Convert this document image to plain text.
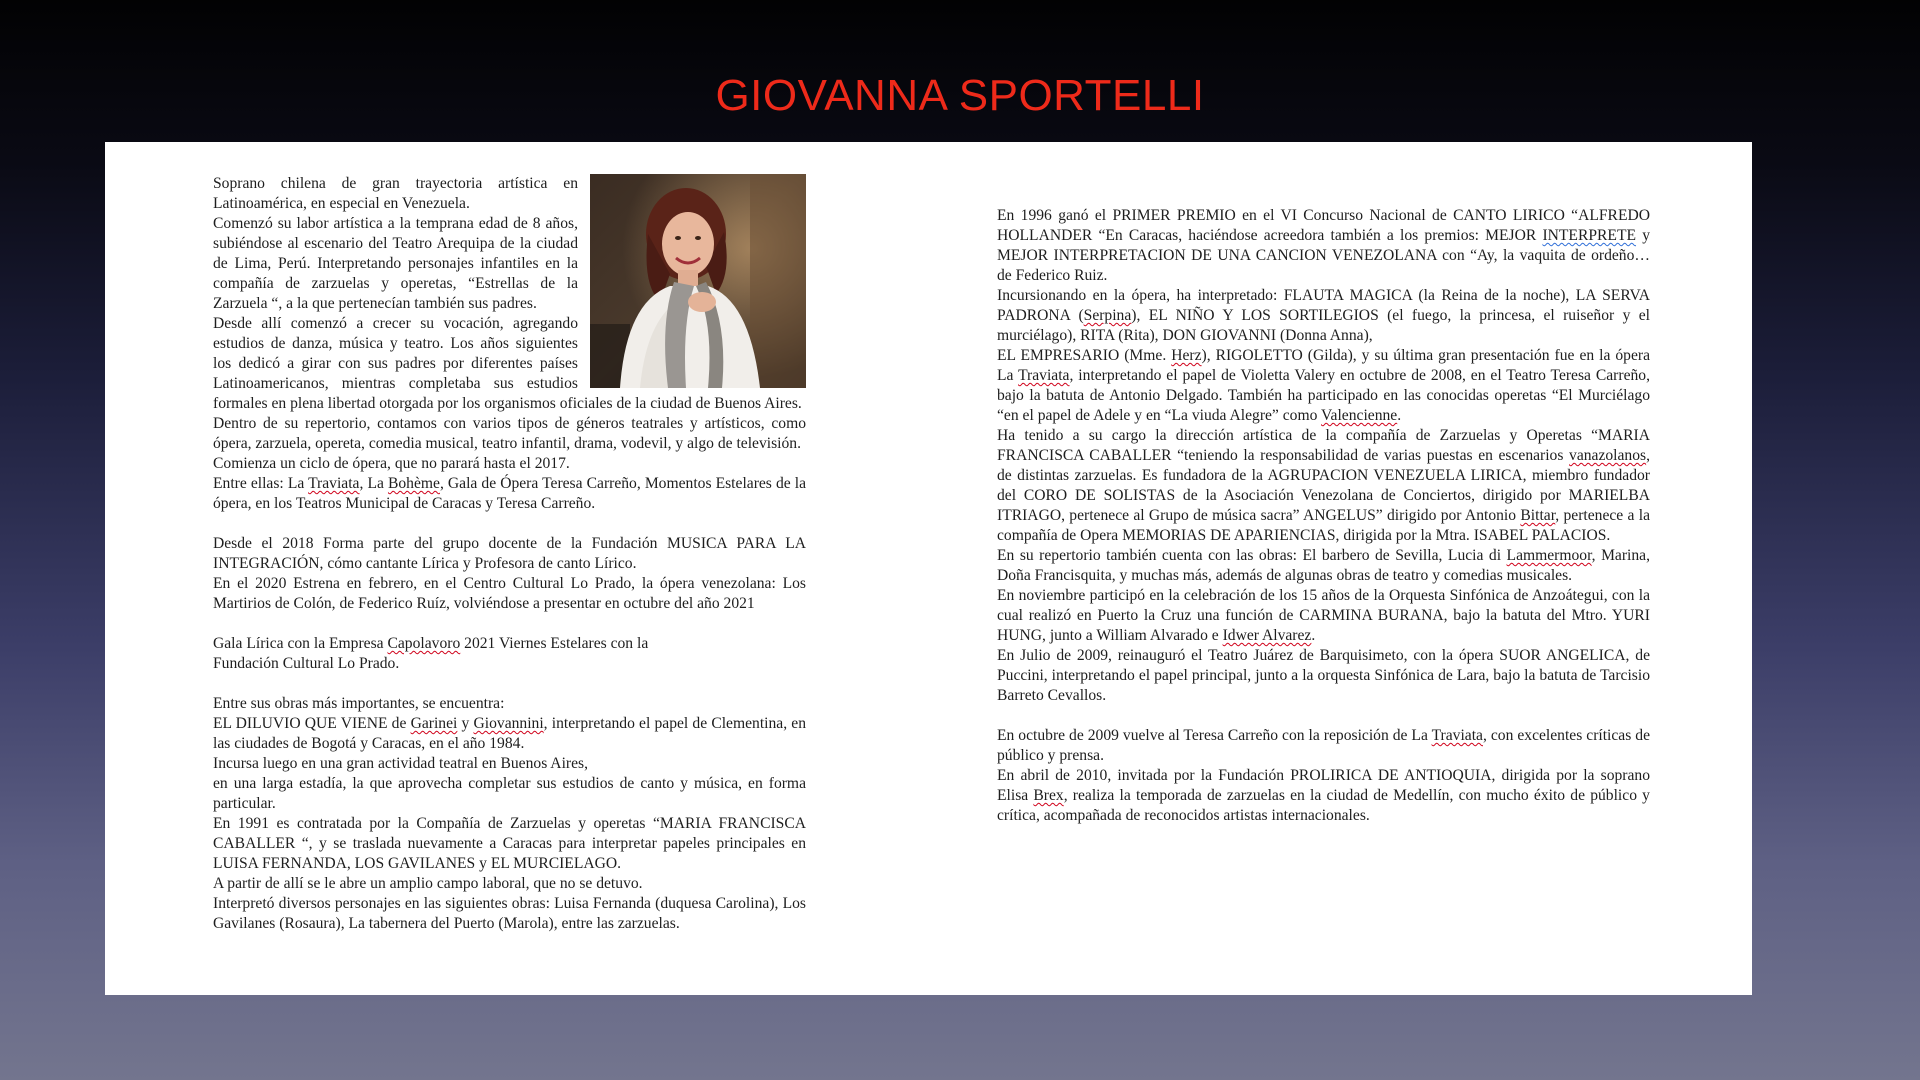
GIOVANNA SPORTELLI

Soprano chilena de gran trayectoria artística en Latinoamérica, en especial en Venezuela.

Comenzó su labor artística a la temprana edad de 8 años, subiéndose al escenario del Teatro Arequipa de la ciudad de Lima, Perú. Interpretando personajes infantiles en la compañía de zarzuelas y operetas, “Estrellas de la Zarzuela “, a la que pertenecían también sus padres.

Desde allí comenzó a crecer su vocación, agregando estudios de danza, música y teatro. Los años siguientes los dedicó a girar con sus padres por diferentes países Latinoamericanos, mientras completaba sus estudios formales en plena libertad otorgada por los organismos oficiales de la ciudad de Buenos Aires.

Dentro de su repertorio, contamos con varios tipos de géneros teatrales y artísticos, como ópera, zarzuela, opereta, comedia musical, teatro infantil, drama, vodevil, y algo de televisión.

Comienza un ciclo de ópera, que no parará hasta el 2017.

Entre ellas: La Traviata, La Bohème, Gala de Ópera Teresa Carreño, Momentos Estelares de la ópera, en los Teatros Municipal de Caracas y Teresa Carreño.

Desde el 2018 Forma parte del grupo docente de la Fundación MUSICA PARA LA INTEGRACIÓN, cómo cantante Lírica y Profesora de canto Lírico.

En el 2020 Estrena en febrero, en el Centro Cultural Lo Prado, la ópera venezolana: Los Martirios de Colón, de Federico Ruíz, volviéndose a presentar en octubre del año 2021

Gala Lírica con la Empresa Capolavoro 2021 Viernes Estelares con la

Fundación Cultural Lo Prado.

Entre sus obras más importantes, se encuentra:

EL DILUVIO QUE VIENE de Garinei y Giovannini, interpretando el papel de Clementina, en las ciudades de Bogotá y Caracas, en el año 1984.

Incursa luego en una gran actividad teatral en Buenos Aires,

en una larga estadía, la que aprovecha completar sus estudios de canto y música, en forma particular.

En 1991 es contratada por la Compañía de Zarzuelas y operetas “MARIA FRANCISCA CABALLER “, y se traslada nuevamente a Caracas para interpretar papeles principales en LUISA FERNANDA, LOS GAVILANES y EL MURCIELAGO.

A partir de allí se le abre un amplio campo laboral, que no se detuvo.

Interpretó diversos personajes en las siguientes obras: Luisa Fernanda (duquesa Carolina), Los Gavilanes (Rosaura), La tabernera del Puerto (Marola), entre las zarzuelas.

En 1996 ganó el PRIMER PREMIO en el VI Concurso Nacional de CANTO LIRICO “ALFREDO HOLLANDER “En Caracas, haciéndose acreedora también a los premios: MEJOR INTERPRETE y MEJOR INTERPRETACION DE UNA CANCION VENEZOLANA con “Ay, la vaquita de ordeño… de Federico Ruiz.

Incursionando en la ópera, ha interpretado: FLAUTA MAGICA (la Reina de la noche), LA SERVA PADRONA (Serpina), EL NIÑO Y LOS SORTILEGIOS (el fuego, la princesa, el ruiseñor y el murciélago), RITA (Rita), DON GIOVANNI (Donna Anna),

EL EMPRESARIO (Mme. Herz), RIGOLETTO (Gilda), y su última gran presentación fue en la ópera La Traviata, interpretando el papel de Violetta Valery en octubre de 2008, en el Teatro Teresa Carreño, bajo la batuta de Antonio Delgado. También ha participado en las conocidas operetas “El Murciélago “en el papel de Adele y en “La viuda Alegre” como Valencienne.

Ha tenido a su cargo la dirección artística de la compañía de Zarzuelas y Operetas “MARIA FRANCISCA CABALLER “teniendo la responsabilidad de varias puestas en escenarios vanazolanos, de distintas zarzuelas. Es fundadora de la AGRUPACION VENEZUELA LIRICA, miembro fundador del CORO DE SOLISTAS de la Asociación Venezolana de Conciertos, dirigido por MARIELBA ITRIAGO, pertenece al Grupo de música sacra” ANGELUS” dirigido por Antonio Bittar, pertenece a la compañía de Opera MEMORIAS DE APARIENCIAS, dirigida por la Mtra. ISABEL PALACIOS.

En su repertorio también cuenta con las obras: El barbero de Sevilla, Lucia di Lammermoor, Marina, Doña Francisquita, y muchas más, además de algunas obras de teatro y comedias musicales.

En noviembre participó en la celebración de los 15 años de la Orquesta Sinfónica de Anzoátegui, con la cual realizó en Puerto la Cruz una función de CARMINA BURANA, bajo la batuta del Mtro. YURI HUNG, junto a William Alvarado e Idwer Alvarez.

En Julio de 2009, reinauguró el Teatro Juárez de Barquisimeto, con la ópera SUOR ANGELICA, de Puccini, interpretando el papel principal, junto a la orquesta Sinfónica de Lara, bajo la batuta de Tarcisio Barreto Cevallos.

En octubre de 2009 vuelve al Teresa Carreño con la reposición de La Traviata, con excelentes críticas de público y prensa.

En abril de 2010, invitada por la Fundación PROLIRICA DE ANTIOQUIA, dirigida por la soprano Elisa Brex, realiza la temporada de zarzuelas en la ciudad de Medellín, con mucho éxito de público y crítica, acompañada de reconocidos artistas internacionales.
